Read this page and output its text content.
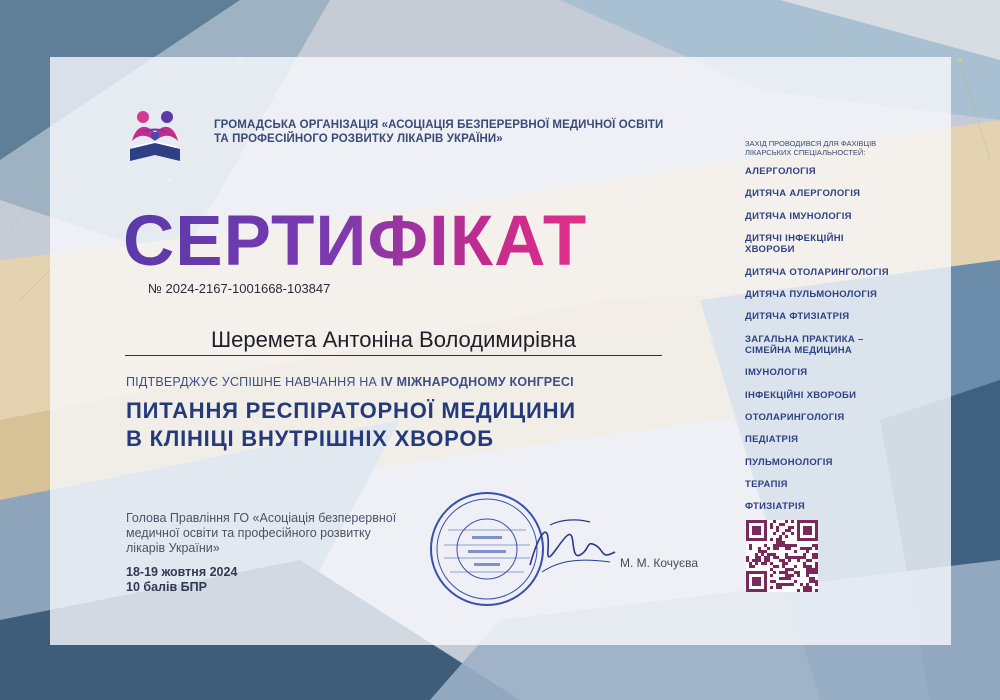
ГРОМАДСЬКА ОРГАНІЗАЦІЯ «АСОЦІАЦІЯ БЕЗПЕРЕРВНОЇ МЕДИЧНОЇ ОСВІТИ
ТА ПРОФЕСІЙНОГО РОЗВИТКУ ЛІКАРІВ УКРАЇНИ»
СЕРТИФІКАТ
№ 2024-2167-1001668-103847
Шеремета Антоніна Володимирівна
ПІДТВЕРДЖУЄ УСПІШНЕ НАВЧАННЯ НА IV МІЖНАРОДНОМУ КОНГРЕСІ
ПИТАННЯ РЕСПІРАТОРНОЇ МЕДИЦИНИ
В КЛІНІЦІ ВНУТРІШНІХ ХВОРОБ
Голова Правління ГО «Асоціація безперервної медичної освіти та професійного розвитку лікарів України»
18-19 жовтня 2024
10 балів БПР
М. М. Кочуєва
ЗАХІД ПРОВОДИВСЯ ДЛЯ ФАХІВЦІВ ЛІКАРСЬКИХ СПЕЦІАЛЬНОСТЕЙ:
АЛЕРГОЛОГІЯ
ДИТЯЧА АЛЕРГОЛОГІЯ
ДИТЯЧА ІМУНОЛОГІЯ
ДИТЯЧІ ІНФЕКЦІЙНІ ХВОРОБИ
ДИТЯЧА ОТОЛАРИНГОЛОГІЯ
ДИТЯЧА ПУЛЬМОНОЛОГІЯ
ДИТЯЧА ФТИЗІАТРІЯ
ЗАГАЛЬНА ПРАКТИКА – СІМЕЙНА МЕДИЦИНА
ІМУНОЛОГІЯ
ІНФЕКЦІЙНІ ХВОРОБИ
ОТОЛАРИНГОЛОГІЯ
ПЕДІАТРІЯ
ПУЛЬМОНОЛОГІЯ
ТЕРАПІЯ
ФТИЗІАТРІЯ
